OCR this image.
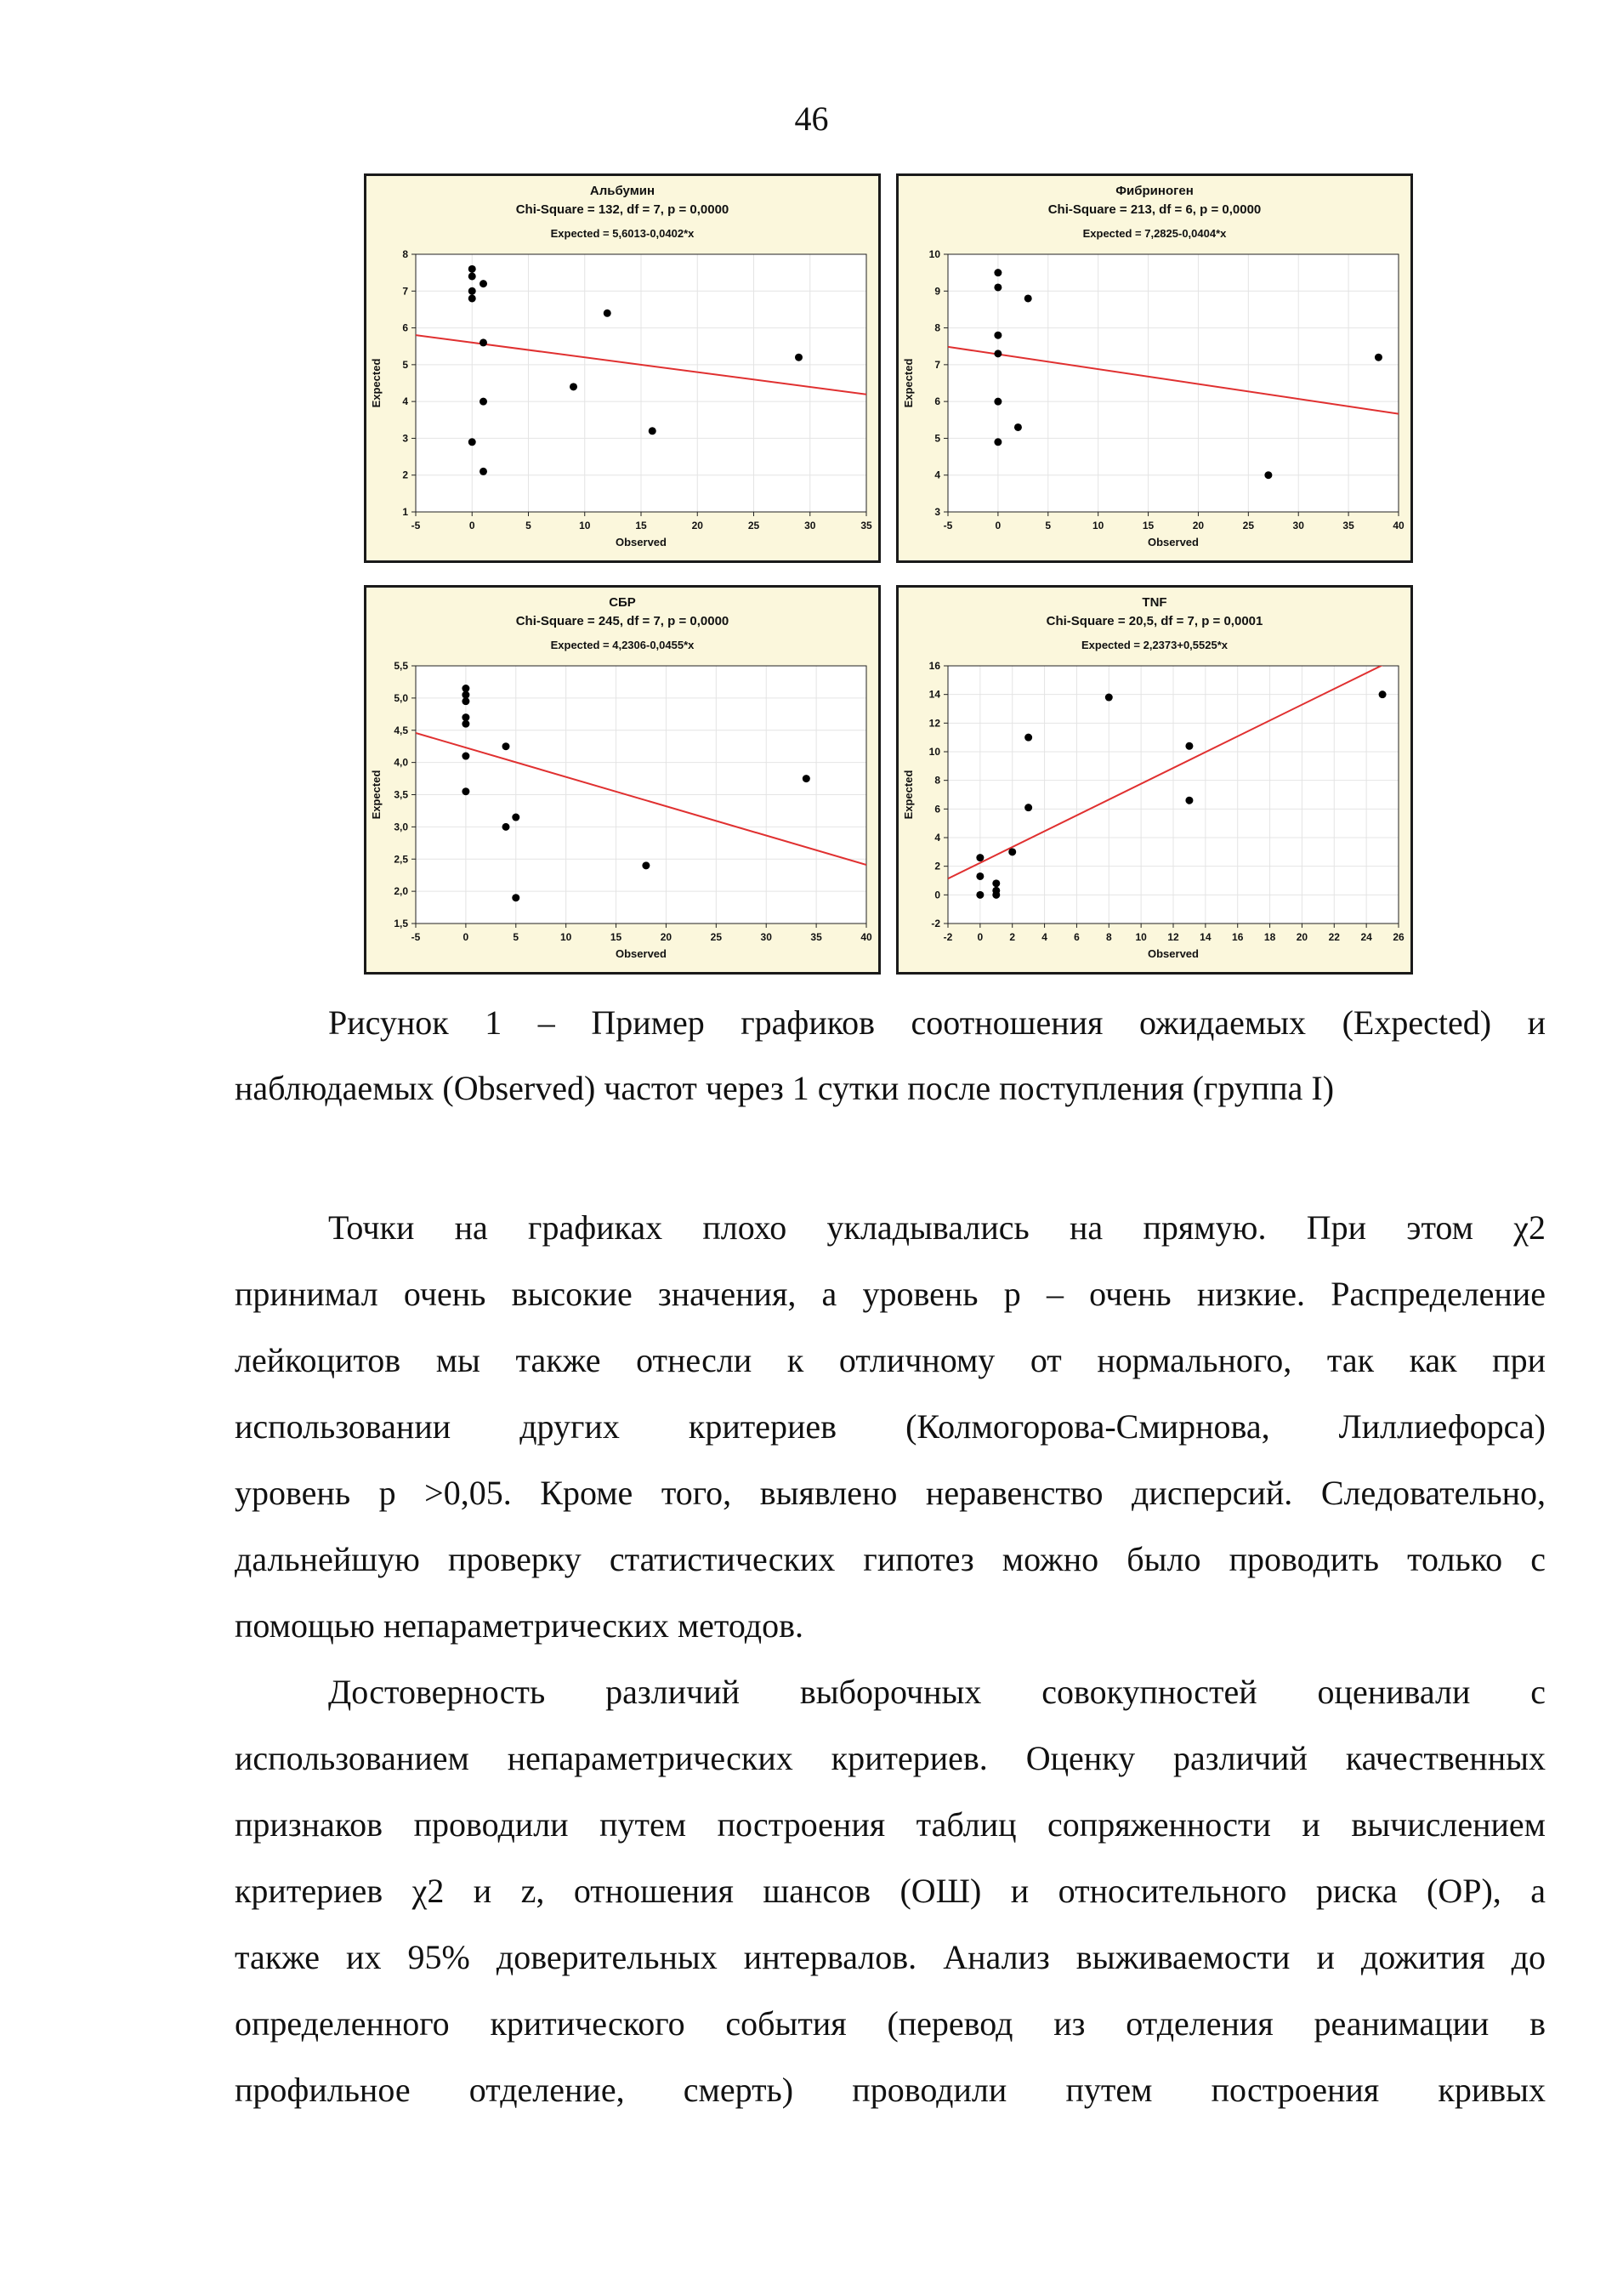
46
Альбумин
Chi-Square = 132, df = 7, p = 0,0000
Expected = 5,6013-0,0402*x
-5	0	5	10	15	20	25	30	35
1
2
3
4
5
6
7
8
Observed
Expected
Фибриноген
Chi-Square = 213, df = 6, p = 0,0000
Expected = 7,2825-0,0404*x
-5	0	5	10	15	20	25	30	35	40
3
4
5
6
7
8
9
10
Observed
Expected
СБР
Chi-Square = 245, df = 7, p = 0,0000
Expected = 4,2306-0,0455*x
-5	0	5	10	15	20	25	30	35	40
1,5
2,0
2,5
3,0
3,5
4,0
4,5
5,0
5,5
Observed
Expected
TNF
Chi-Square = 20,5, df = 7, p = 0,0001
Expected = 2,2373+0,5525*x
-2 0	2	4	6	8 10 12 14 16 18 20 22 24 26
-2
0
2
4
6
8
10
12
14
16
Observed
Expected
Рисунок 1 – Пример графиков соотношения ожидаемых (Expected) и
наблюдаемых (Observed) частот через 1 сутки после поступления (группа I)
Точки на графиках плохо укладывались на прямую. При этом χ2
принимал очень высокие значения, а уровень p – очень низкие. Распределение
лейкоцитов мы также отнесли к отличному от нормального, так как при
использовании других критериев (Колмогорова-Смирнова, Лиллиефорса)
уровень p >0,05. Кроме того, выявлено неравенство дисперсий. Следовательно,
дальнейшую проверку статистических гипотез можно было проводить только с
помощью непараметрических методов.
Достоверность различий выборочных совокупностей оценивали с
использованием непараметрических критериев. Оценку различий качественных
признаков проводили путем построения таблиц сопряженности и вычислением
критериев χ2 и z, отношения шансов (ОШ) и относительного риска (ОР), а
также их 95% доверительных интервалов. Анализ выживаемости и дожития до
определенного критического события (перевод из отделения реанимации в
профильное отделение, смерть) проводили путем построения кривых
